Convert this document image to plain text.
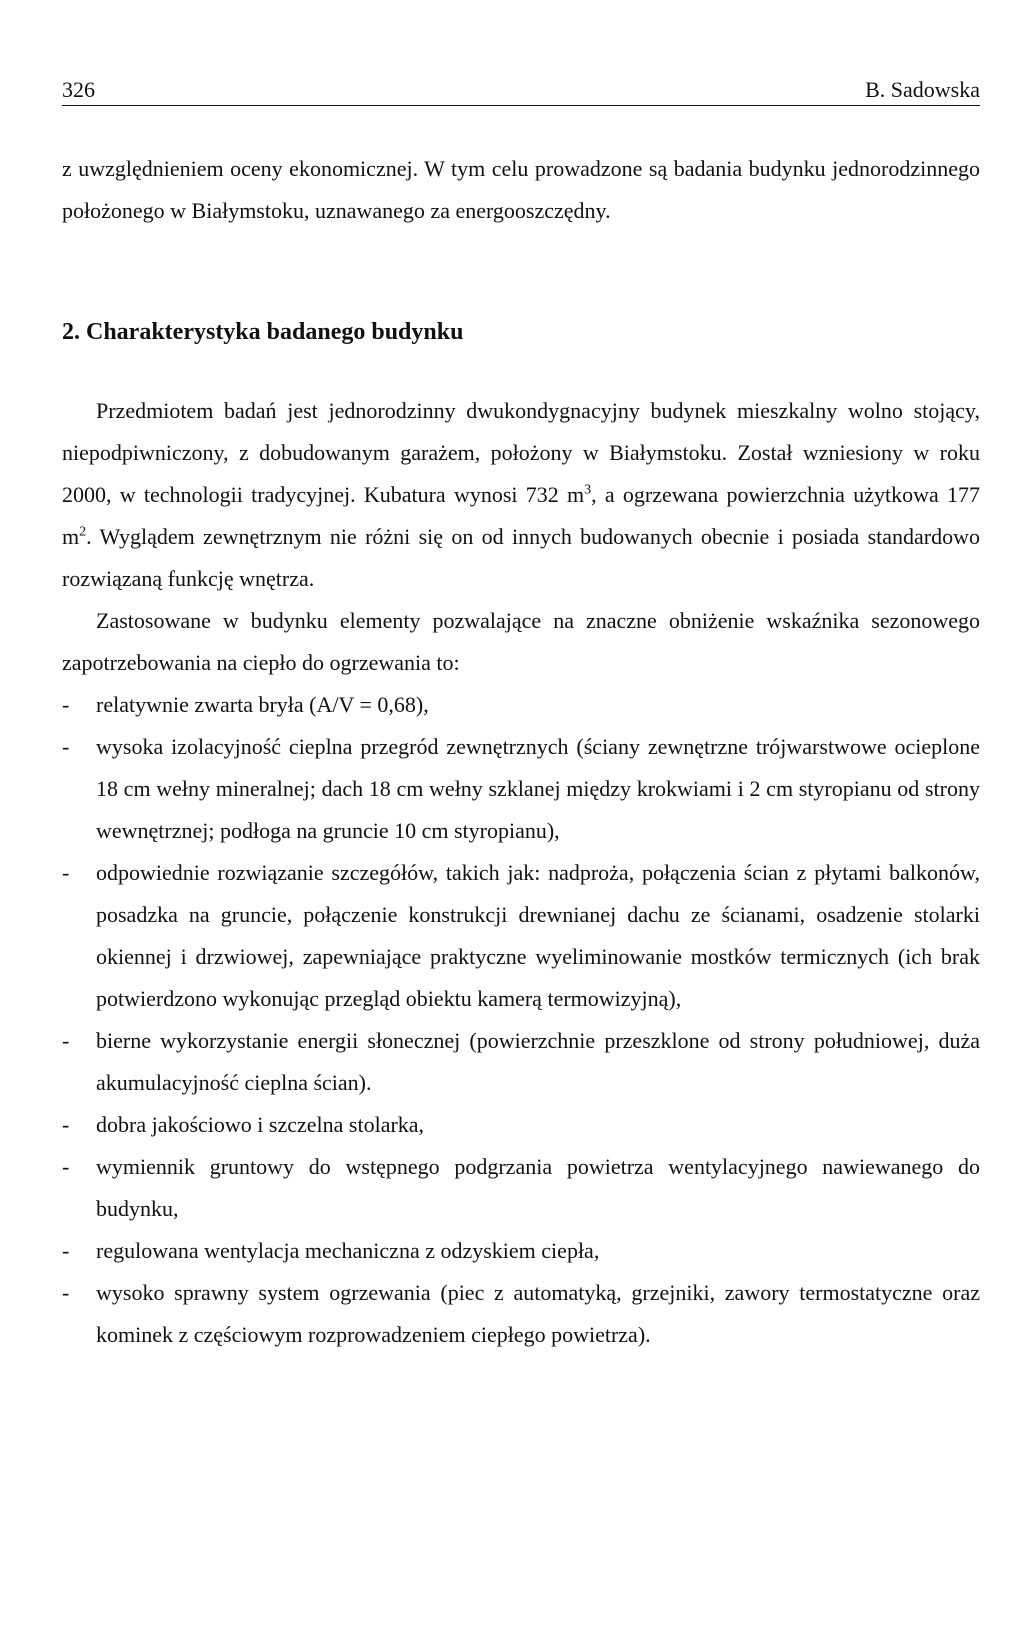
326	B. Sadowska

z uwzględnieniem oceny ekonomicznej. W tym celu prowadzone są badania budynku jednorodzinnego położonego w Białymstoku, uznawanego za energooszczędny.

2. Charakterystyka badanego budynku

Przedmiotem badań jest jednorodzinny dwukondygnacyjny budynek mieszkalny wolno stojący, niepodpiwniczony, z dobudowanym garażem, położony w Białymstoku. Został wzniesiony w roku 2000, w technologii tradycyjnej. Kubatura wynosi 732 $m^3$, a ogrzewana powierzchnia użytkowa 177 $m^2$. Wyglądem zewnętrznym nie różni się on od innych budowanych obecnie i posiada standardowo rozwiązaną funkcję wnętrza.

Zastosowane w budynku elementy pozwalające na znaczne obniżenie wskaźnika sezonowego zapotrzebowania na ciepło do ogrzewania to:

- relatywnie zwarta bryła (A/V = 0,68),
- wysoka izolacyjność cieplna przegród zewnętrznych (ściany zewnętrzne trójwarstwowe ocieplone 18 cm wełny mineralnej; dach 18 cm wełny szklanej między krokwiami i 2 cm styropianu od strony wewnętrznej; podłoga na gruncie 10 cm styropianu),
- odpowiednie rozwiązanie szczegółów, takich jak: nadproża, połączenia ścian z płytami balkonów, posadzka na gruncie, połączenie konstrukcji drewnianej dachu ze ścianami, osadzenie stolarki okiennej i drzwiowej, zapewniające praktyczne wyeliminowanie mostków termicznych (ich brak potwierdzono wykonując przegląd obiektu kamerą termowizyjną),
- bierne wykorzystanie energii słonecznej (powierzchnie przeszklone od strony południowej, duża akumulacyjność cieplna ścian).
- dobra jakościowo i szczelna stolarka,
- wymiennik gruntowy do wstępnego podgrzania powietrza wentylacyjnego nawiewanego do budynku,
- regulowana wentylacja mechaniczna z odzyskiem ciepła,
- wysoko sprawny system ogrzewania (piec z automatyką, grzejniki, zawory termostatyczne oraz kominek z częściowym rozprowadzeniem ciepłego powietrza).
